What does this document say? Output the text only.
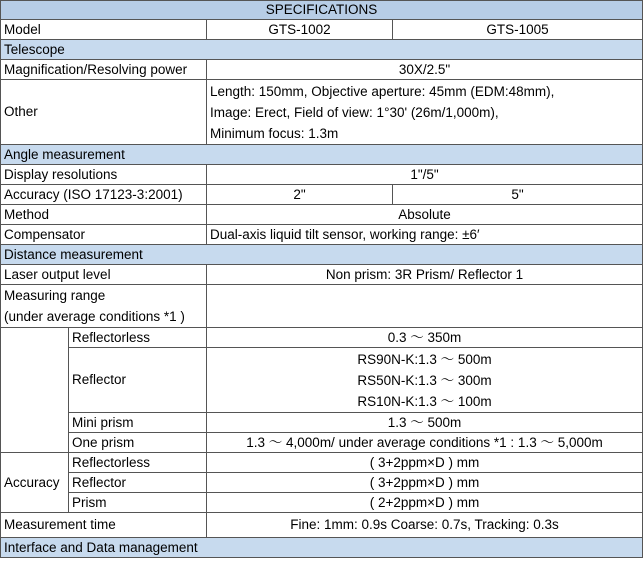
SPECIFICATIONS			
Model		GTS-1002	GTS-1005
Telescope			
Magnification/Resolving power		30X/2.5"	
Other		Length: 150mm, Objective aperture: 45mm (EDM:48mm),
Image: Erect, Field of view: 1°30' (26m/1,000m),
Minimum focus: 1.3m	

Angle measurement			
Display resolutions		1"/5"	
Accuracy (ISO 17123-3:2001)		2"	5"
Method		Absolute	
Compensator		Dual-axis liquid tilt sensor, working range: ±6′	
Distance measurement			
Laser output level		Non prism: 3R Prism/ Reflector 1	

Measuring range
(under average conditions *1 )			

	Reflectorless	0.3 ～ 350m	
	Reflector	RS90N-K:1.3 ～ 500m
RS50N-K:1.3 ～ 300m
RS10N-K:1.3 ～ 100m	

	Mini prism	1.3 ～ 500m	
	One prism	1.3 ～ 4,000m/ under average conditions *1 : 1.3 ～ 5,000m	
Accuracy	Reflectorless	( 3+2ppm×D ) mm	
	Reflector	( 3+2ppm×D ) mm	
	Prism	( 2+2ppm×D ) mm	
Measurement time		Fine: 1mm: 0.9s Coarse: 0.7s, Tracking: 0.3s	
Interface and Data management			
